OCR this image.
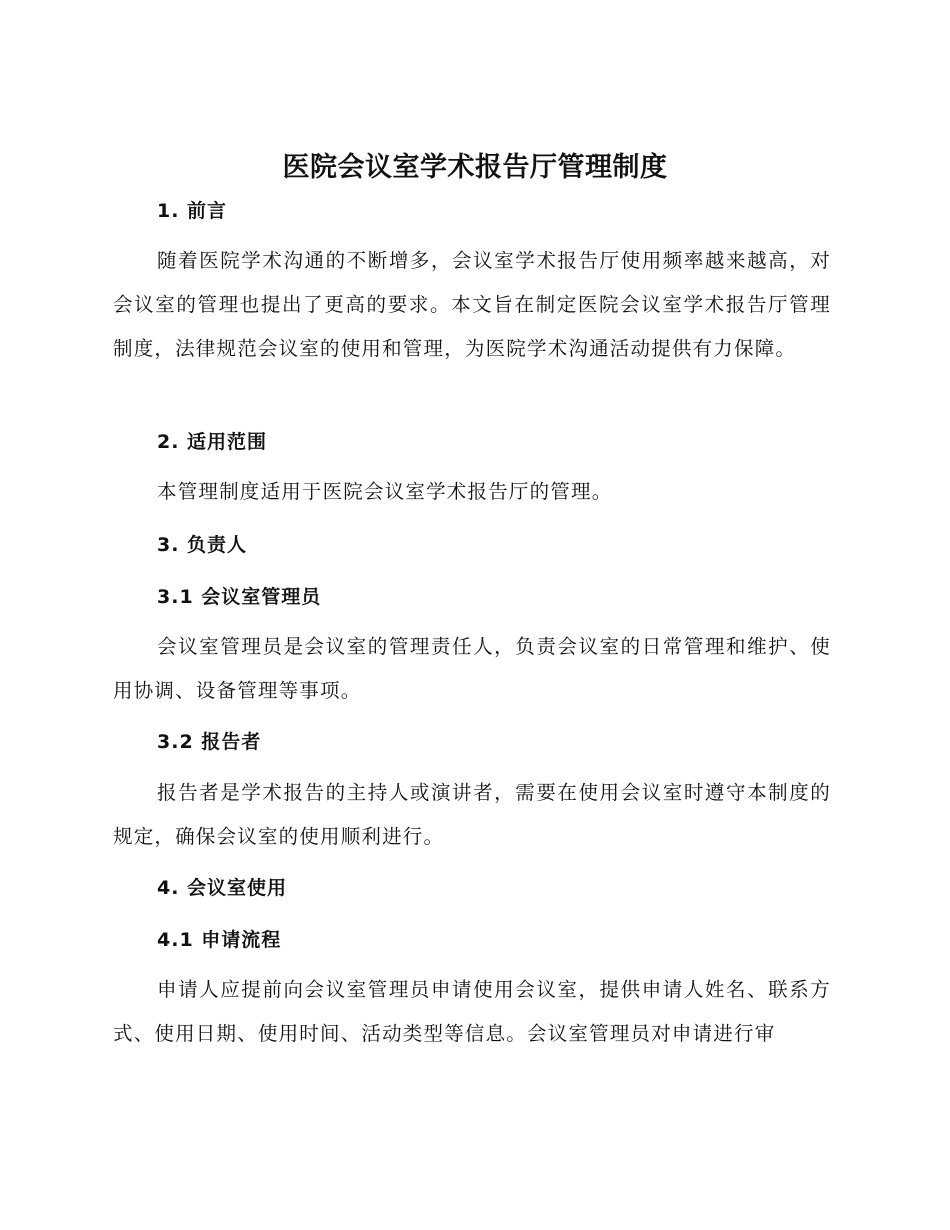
医院会议室学术报告厅管理制度
1. 前言

随着医院学术沟通的不断增多，会议室学术报告厅使用频率越来越高，对会议室的管理也提出了更高的要求。本文旨在制定医院会议室学术报告厅管理制度，法律规范会议室的使用和管理，为医院学术沟通活动提供有力保障。

2. 适用范围

本管理制度适用于医院会议室学术报告厅的管理。

3. 负责人
3.1 会议室管理员

会议室管理员是会议室的管理责任人，负责会议室的日常管理和维护、使用协调、设备管理等事项。

3.2 报告者

报告者是学术报告的主持人或演讲者，需要在使用会议室时遵守本制度的规定，确保会议室的使用顺利进行。

4. 会议室使用
4.1 申请流程

申请人应提前向会议室管理员申请使用会议室，提供申请人姓名、联系方式、使用日期、使用时间、活动类型等信息。会议室管理员对申请进行审
